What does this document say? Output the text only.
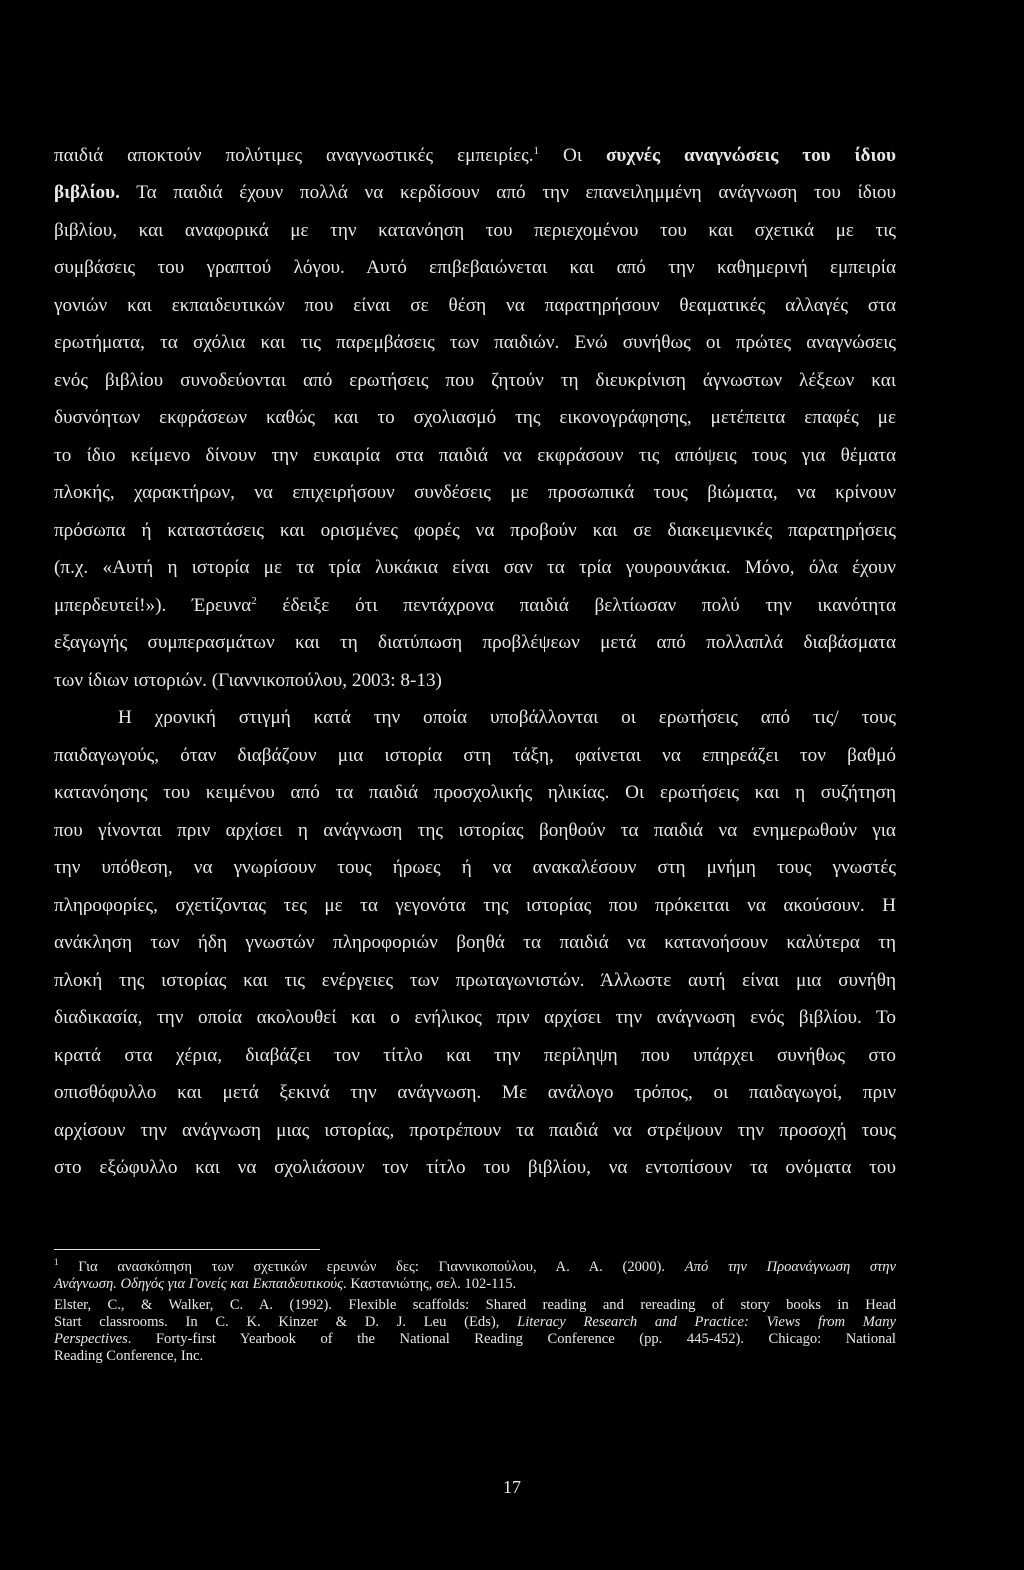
παιδιά αποκτούν πολύτιμες αναγνωστικές εμπειρίες.$^1$ Οι συχνές αναγνώσεις του ίδιου
βιβλίου. Τα παιδιά έχουν πολλά να κερδίσουν από την επανειλημμένη ανάγνωση του ίδιου
βιβλίου, και αναφορικά με την κατανόηση του περιεχομένου του και σχετικά με τις
συμβάσεις του γραπτού λόγου. Αυτό επιβεβαιώνεται και από την καθημερινή εμπειρία
γονιών και εκπαιδευτικών που είναι σε θέση να παρατηρήσουν θεαματικές αλλαγές στα
ερωτήματα, τα σχόλια και τις παρεμβάσεις των παιδιών. Ενώ συνήθως οι πρώτες αναγνώσεις
ενός βιβλίου συνοδεύονται από ερωτήσεις που ζητούν τη διευκρίνιση άγνωστων λέξεων και
δυσνόητων εκφράσεων καθώς και το σχολιασμό της εικονογράφησης, μετέπειτα επαφές με
το ίδιο κείμενο δίνουν την ευκαιρία στα παιδιά να εκφράσουν τις απόψεις τους για θέματα
πλοκής, χαρακτήρων, να επιχειρήσουν συνδέσεις με προσωπικά τους βιώματα, να κρίνουν
πρόσωπα ή καταστάσεις και ορισμένες φορές να προβούν και σε διακειμενικές παρατηρήσεις
(π.χ. «Αυτή η ιστορία με τα τρία λυκάκια είναι σαν τα τρία γουρουνάκια. Μόνο, όλα έχουν
μπερδευτεί!»). Έρευνα$^2$ έδειξε ότι πεντάχρονα παιδιά βελτίωσαν πολύ την ικανότητα
εξαγωγής συμπερασμάτων και τη διατύπωση προβλέψεων μετά από πολλαπλά διαβάσματα
των ίδιων ιστοριών. (Γιαννικοπούλου, 2003: 8-13)
Η χρονική στιγμή κατά την οποία υποβάλλονται οι ερωτήσεις από τις/ τους
παιδαγωγούς, όταν διαβάζουν μια ιστορία στη τάξη, φαίνεται να επηρεάζει τον βαθμό
κατανόησης του κειμένου από τα παιδιά προσχολικής ηλικίας. Οι ερωτήσεις και η συζήτηση
που γίνονται πριν αρχίσει η ανάγνωση της ιστορίας βοηθούν τα παιδιά να ενημερωθούν για
την υπόθεση, να γνωρίσουν τους ήρωες ή να ανακαλέσουν στη μνήμη τους γνωστές
πληροφορίες, σχετίζοντας τες με τα γεγονότα της ιστορίας που πρόκειται να ακούσουν. Η
ανάκληση των ήδη γνωστών πληροφοριών βοηθά τα παιδιά να κατανοήσουν καλύτερα τη
πλοκή της ιστορίας και τις ενέργειες των πρωταγωνιστών. Άλλωστε αυτή είναι μια συνήθη
διαδικασία, την οποία ακολουθεί και ο ενήλικος πριν αρχίσει την ανάγνωση ενός βιβλίου. Το
κρατά στα χέρια, διαβάζει τον τίτλο και την περίληψη που υπάρχει συνήθως στο
οπισθόφυλλο και μετά ξεκινά την ανάγνωση. Με ανάλογο τρόπος, οι παιδαγωγοί, πριν
αρχίσουν την ανάγνωση μιας ιστορίας, προτρέπουν τα παιδιά να στρέψουν την προσοχή τους
στο εξώφυλλο και να σχολιάσουν τον τίτλο του βιβλίου, να εντοπίσουν τα ονόματα του
$^1$ Για ανασκόπηση των σχετικών ερευνών δες: Γιαννικοπούλου, Α. Α. (2000). Από την Προανάγνωση στην
Ανάγνωση. Οδηγός για Γονείς και Εκπαιδευτικούς. Καστανιώτης, σελ. 102-115.
Elster, C., & Walker, C. A. (1992). Flexible scaffolds: Shared reading and rereading of story books in Head
Start classrooms. In C. K. Kinzer & D. J. Leu (Eds), Literacy Research and Practice: Views from Many
Perspectives. Forty-first Yearbook of the National Reading Conference (pp. 445-452). Chicago: National
Reading Conference, Inc.
17
